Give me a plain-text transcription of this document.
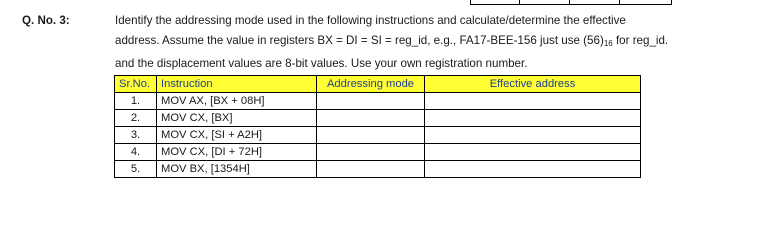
Q. No. 3:	Identify the addressing mode used in the following instructions and calculate/determine the effective
address. Assume the value in registers BX = DI = SI = reg_id, e.g., FA17-BEE-156 just use $(56)_{16}$ for reg_id.
and the displacement values are 8-bit values. Use your own registration number.
Sr.No.	Instruction	Addressing mode	Effective address
1.	MOV AX, [BX + 08H]		
2.	MOV CX, [BX]		
3.	MOV CX, [SI + A2H]		
4.	MOV CX, [DI + 72H]		
5.	MOV BX, [1354H]		
